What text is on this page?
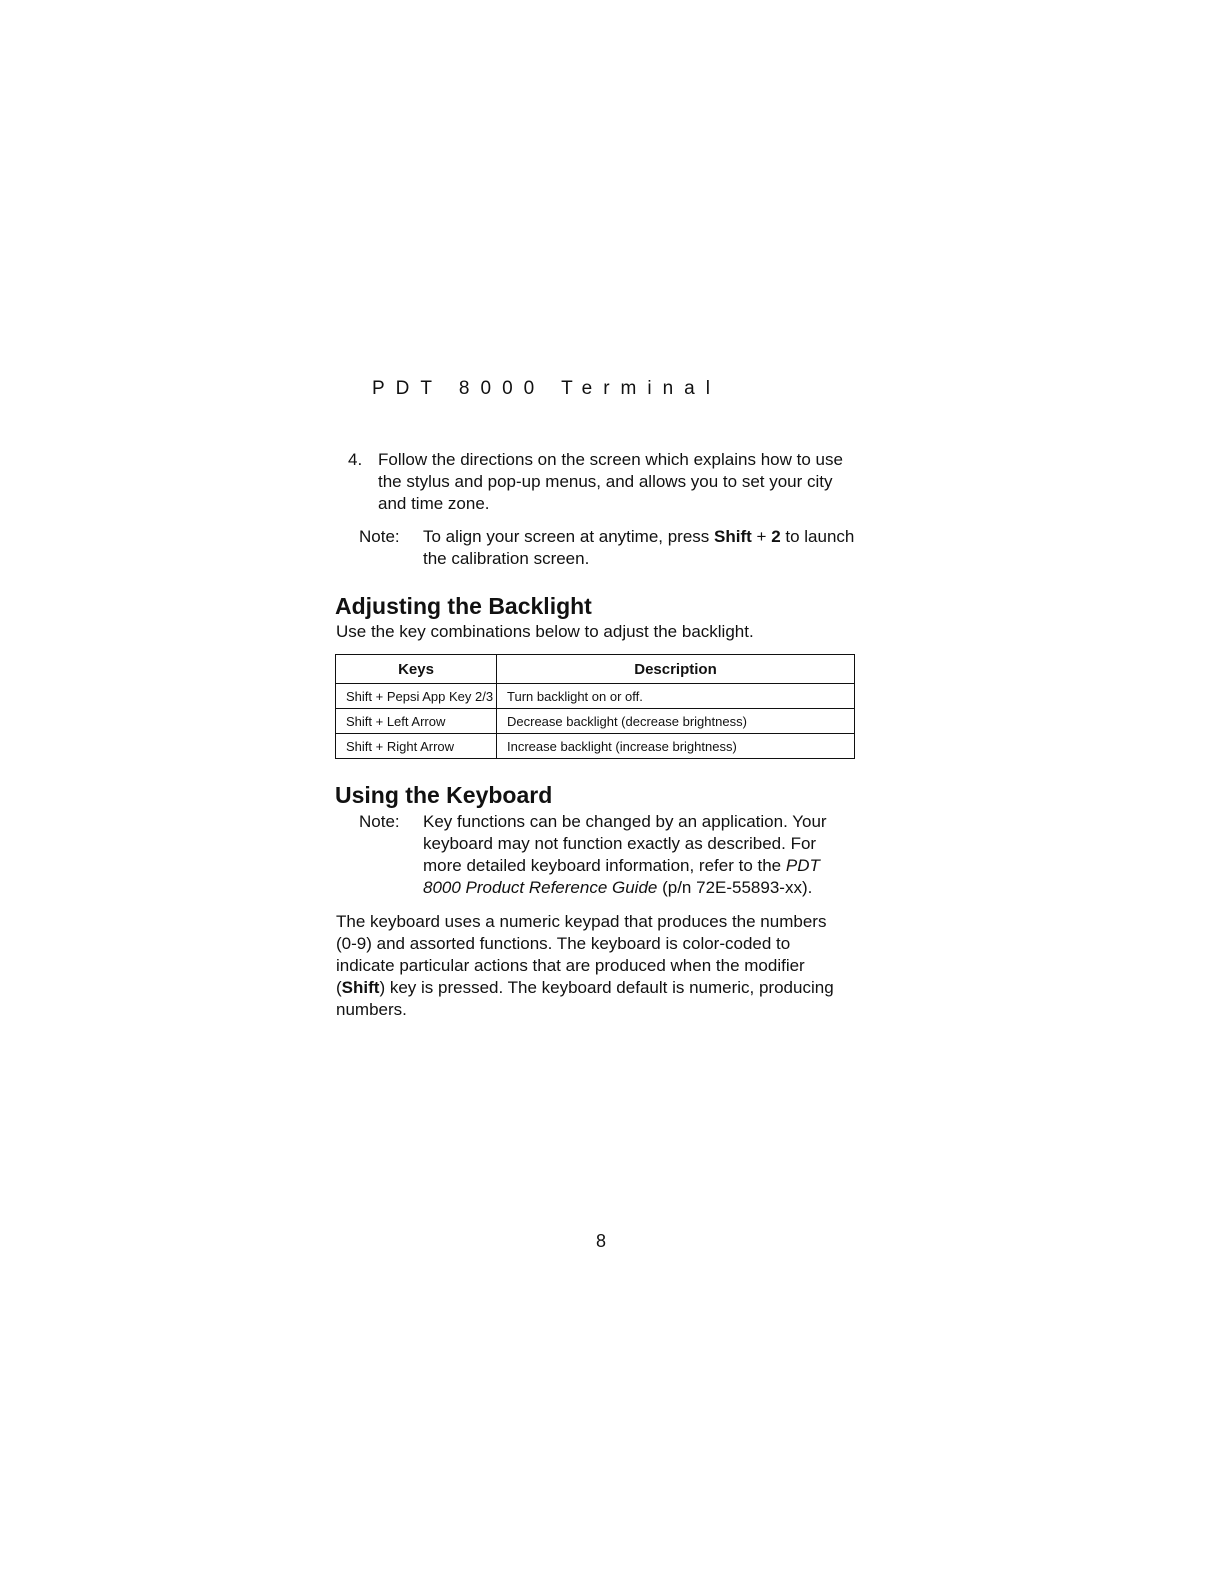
PDT 8000 Terminal
4. Follow the directions on the screen which explains how to use the stylus and pop-up menus, and allows you to set your city and time zone.
Note: To align your screen at anytime, press Shift + 2 to launch the calibration screen.
Adjusting the Backlight
Use the key combinations below to adjust the backlight.
Keys	Description
Shift + Pepsi App Key 2/3	Turn backlight on or off.
Shift + Left Arrow	Decrease backlight (decrease brightness)
Shift + Right Arrow	Increase backlight (increase brightness)
Using the Keyboard
Note: Key functions can be changed by an application. Your keyboard may not function exactly as described. For more detailed keyboard information, refer to the PDT 8000 Product Reference Guide (p/n 72E-55893-xx).
The keyboard uses a numeric keypad that produces the numbers (0-9) and assorted functions. The keyboard is color-coded to indicate particular actions that are produced when the modifier (Shift) key is pressed. The keyboard default is numeric, producing numbers.
8
